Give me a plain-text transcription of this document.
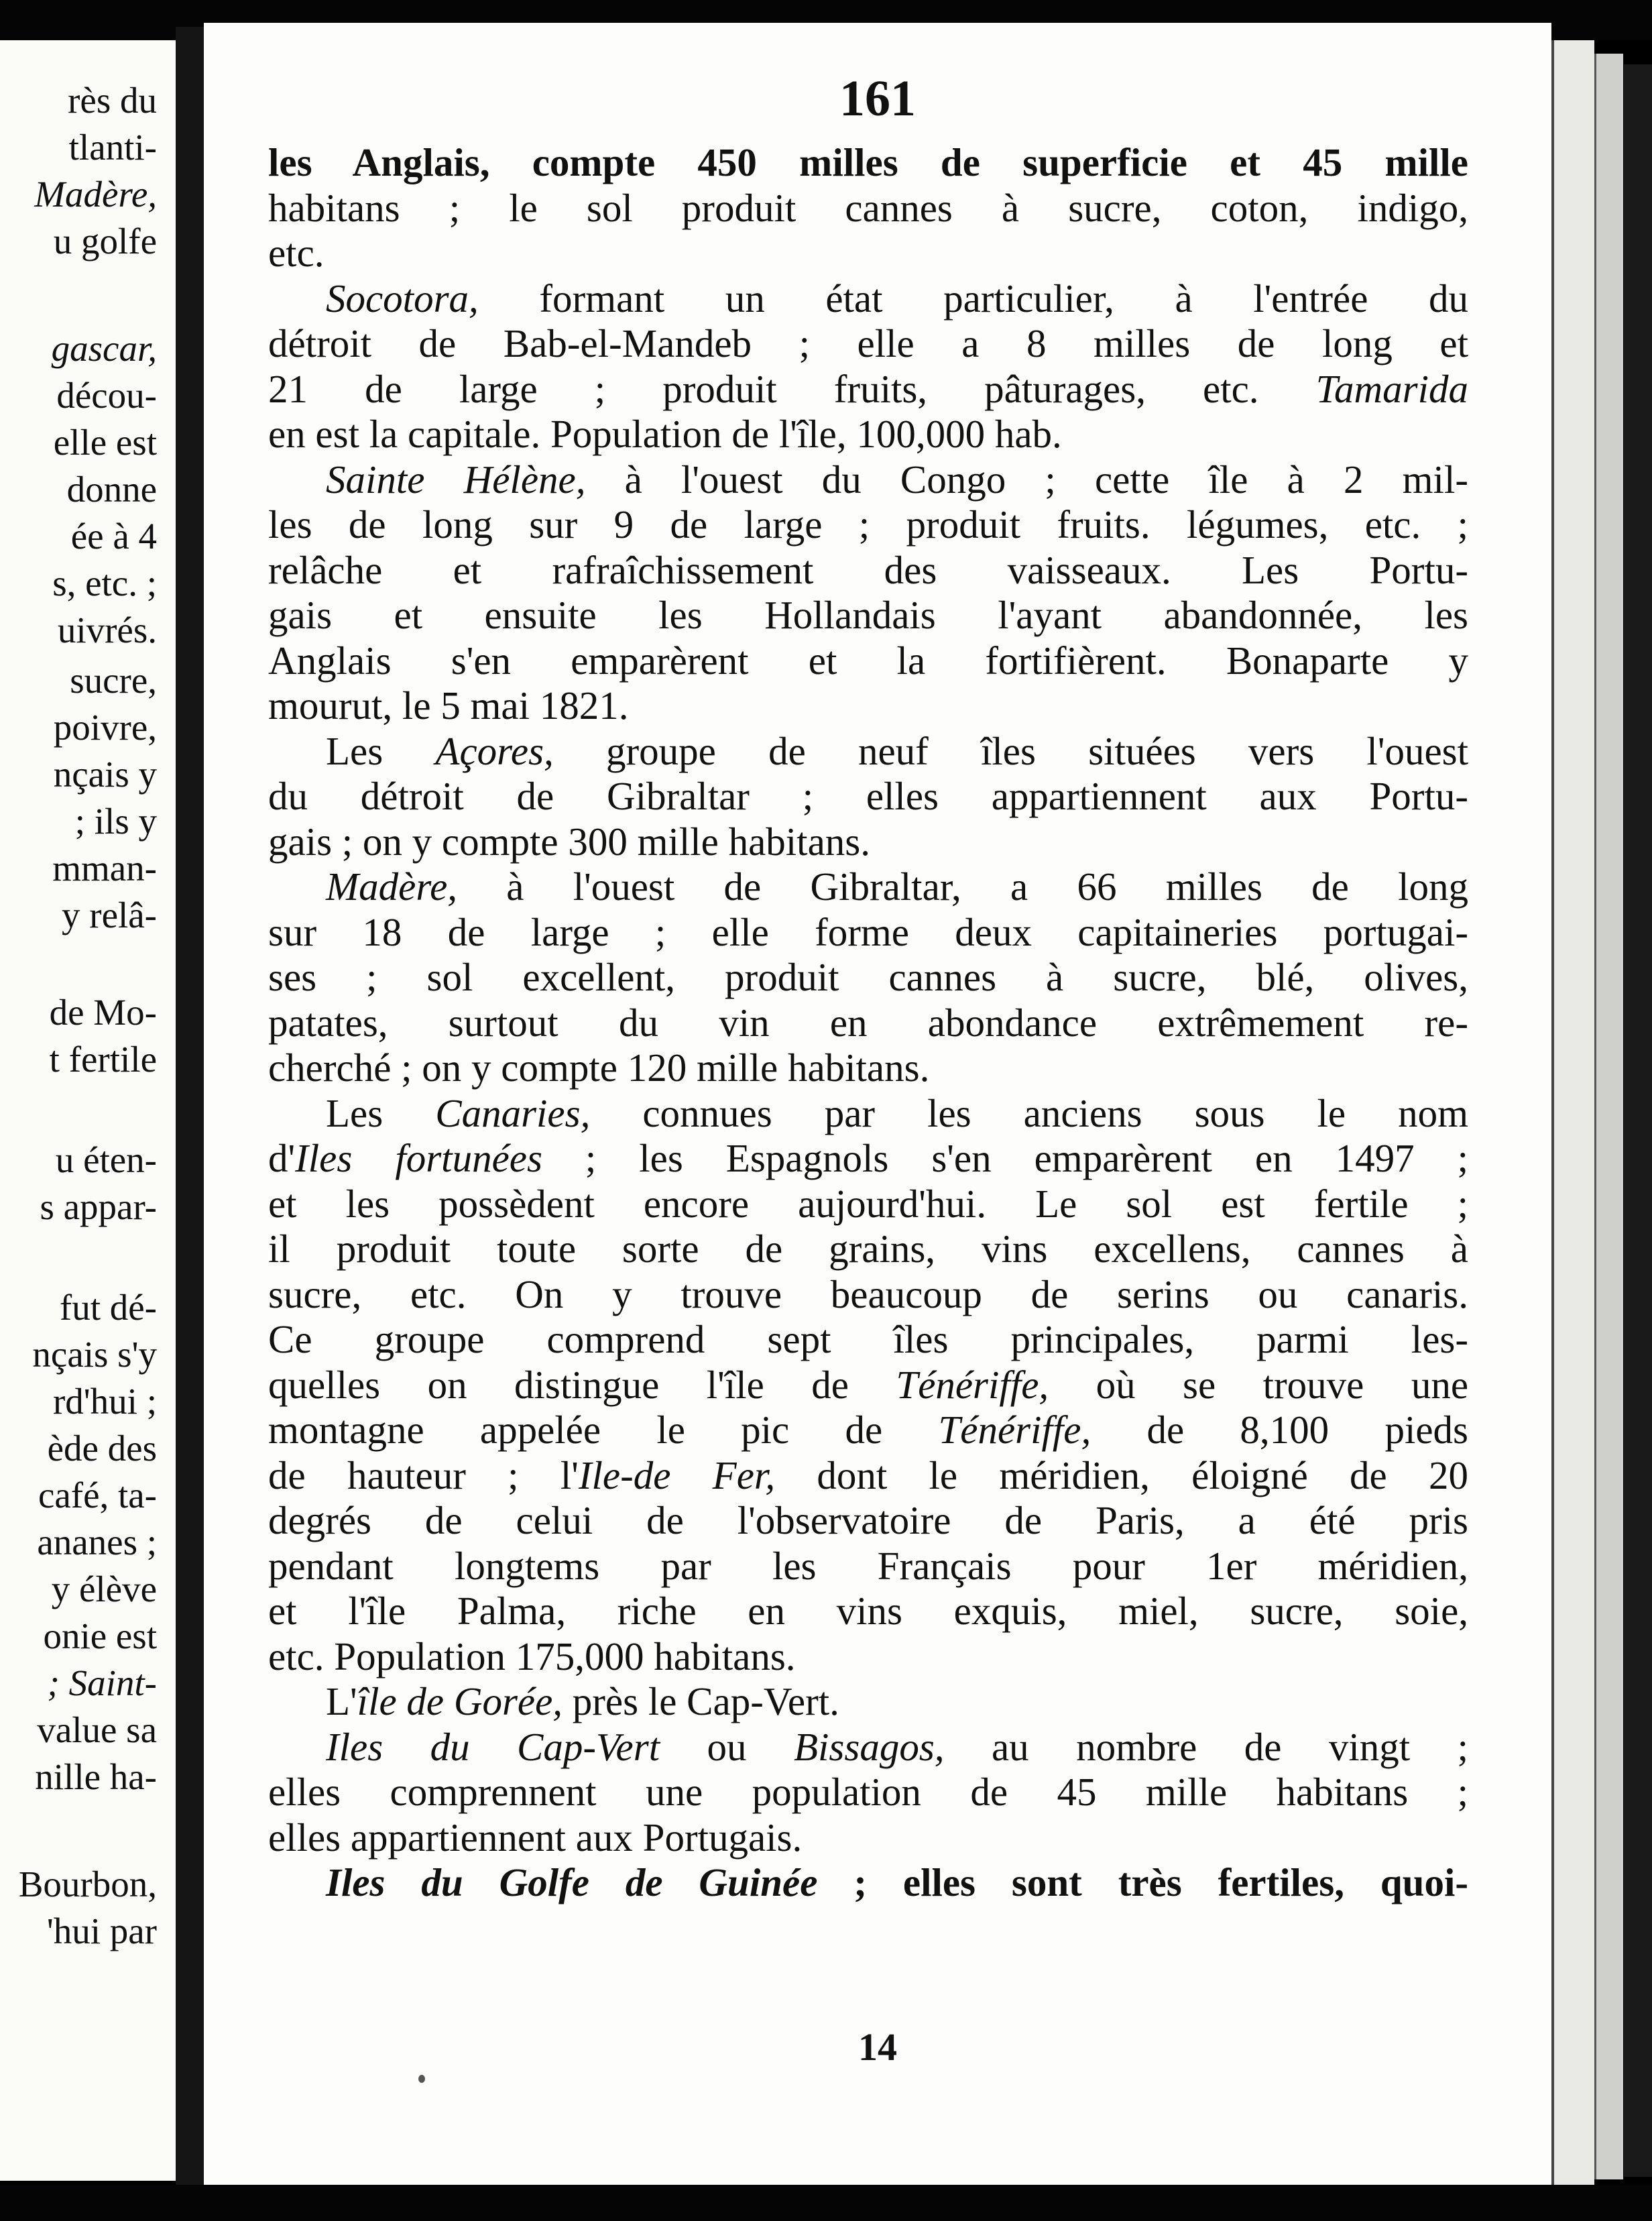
rès du
tlanti-
Madère,
u golfe
gascar,
décou-
elle est
donne
ée à 4
s, etc. ;
uivrés.
sucre,
poivre,
nçais y
; ils y
mman-
y relâ-
de Mo-
t fertile
u éten-
s appar-
fut dé-
nçais s'y
rd'hui ;
ède des
café, ta-
ananes ;
y élève
onie est
; Saint-
value sa
nille ha-
Bourbon,
'hui par
161
les Anglais, compte 450 milles de superficie et 45 mille
habitans ; le sol produit cannes à sucre, coton, indigo,
etc.
Socotora, formant un état particulier, à l'entrée du
détroit de Bab-el-Mandeb ; elle a 8 milles de long et
21 de large ; produit fruits, pâturages, etc. Tamarida
en est la capitale. Population de l'île, 100,000 hab.
Sainte Hélène, à l'ouest du Congo ; cette île à 2 mil-
les de long sur 9 de large ; produit fruits. légumes, etc. ;
relâche et rafraîchissement des vaisseaux. Les Portu-
gais et ensuite les Hollandais l'ayant abandonnée, les
Anglais s'en emparèrent et la fortifièrent. Bonaparte y
mourut, le 5 mai 1821.
Les Açores, groupe de neuf îles situées vers l'ouest
du détroit de Gibraltar ; elles appartiennent aux Portu-
gais ; on y compte 300 mille habitans.
Madère, à l'ouest de Gibraltar, a 66 milles de long
sur 18 de large ; elle forme deux capitaineries portugai-
ses ; sol excellent, produit cannes à sucre, blé, olives,
patates, surtout du vin en abondance extrêmement re-
cherché ; on y compte 120 mille habitans.
Les Canaries, connues par les anciens sous le nom
d'Iles fortunées ; les Espagnols s'en emparèrent en 1497 ;
et les possèdent encore aujourd'hui. Le sol est fertile ;
il produit toute sorte de grains, vins excellens, cannes à
sucre, etc. On y trouve beaucoup de serins ou canaris.
Ce groupe comprend sept îles principales, parmi les-
quelles on distingue l'île de Ténériffe, où se trouve une
montagne appelée le pic de Ténériffe, de 8,100 pieds
de hauteur ; l'Ile-de Fer, dont le méridien, éloigné de 20
degrés de celui de l'observatoire de Paris, a été pris
pendant longtems par les Français pour 1er méridien,
et l'île Palma, riche en vins exquis, miel, sucre, soie,
etc. Population 175,000 habitans.
L'île de Gorée, près le Cap-Vert.
Iles du Cap-Vert ou Bissagos, au nombre de vingt ;
elles comprennent une population de 45 mille habitans ;
elles appartiennent aux Portugais.
Iles du Golfe de Guinée ; elles sont très fertiles, quoi-
14
